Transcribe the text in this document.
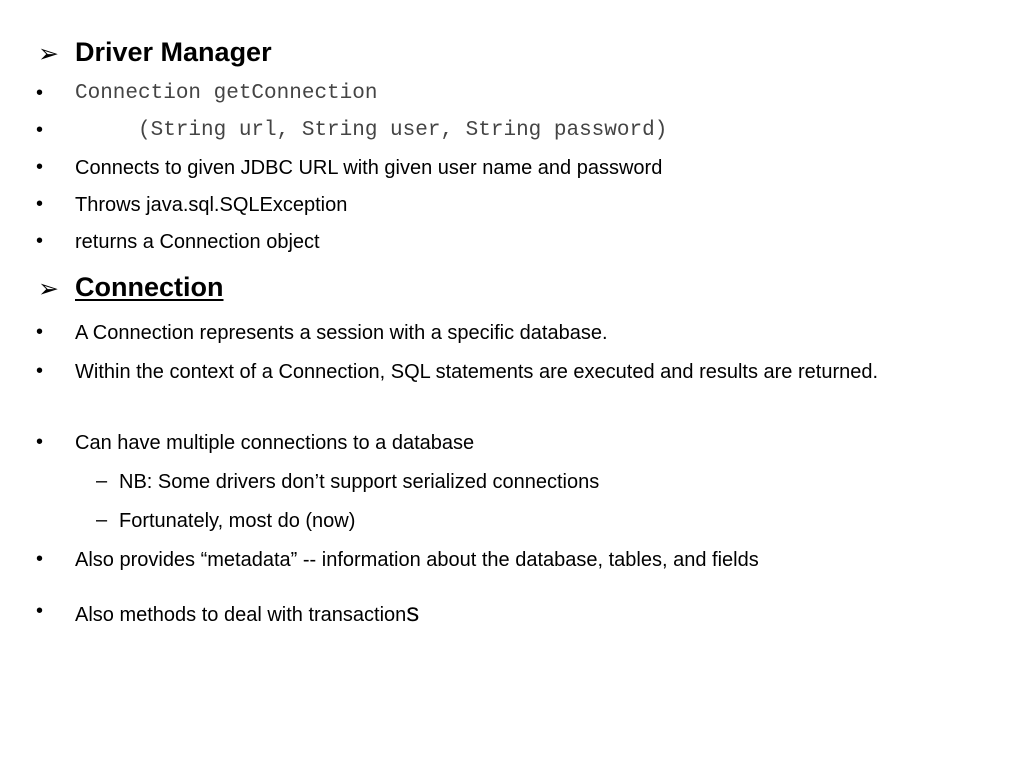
➢ Driver Manager
• Connection getConnection
• (String url, String user, String password)
• Connects to given JDBC URL with given user name and password
• Throws java.sql.SQLException
• returns a Connection object
➢ Connection
• A Connection represents a session with a specific database.
• Within the context of a Connection, SQL statements are executed and results are returned.
• Can have multiple connections to a database
– NB: Some drivers don’t support serialized connections
– Fortunately, most do (now)
• Also provides “metadata” -- information about the database, tables, and fields
• Also methods to deal with transactions
